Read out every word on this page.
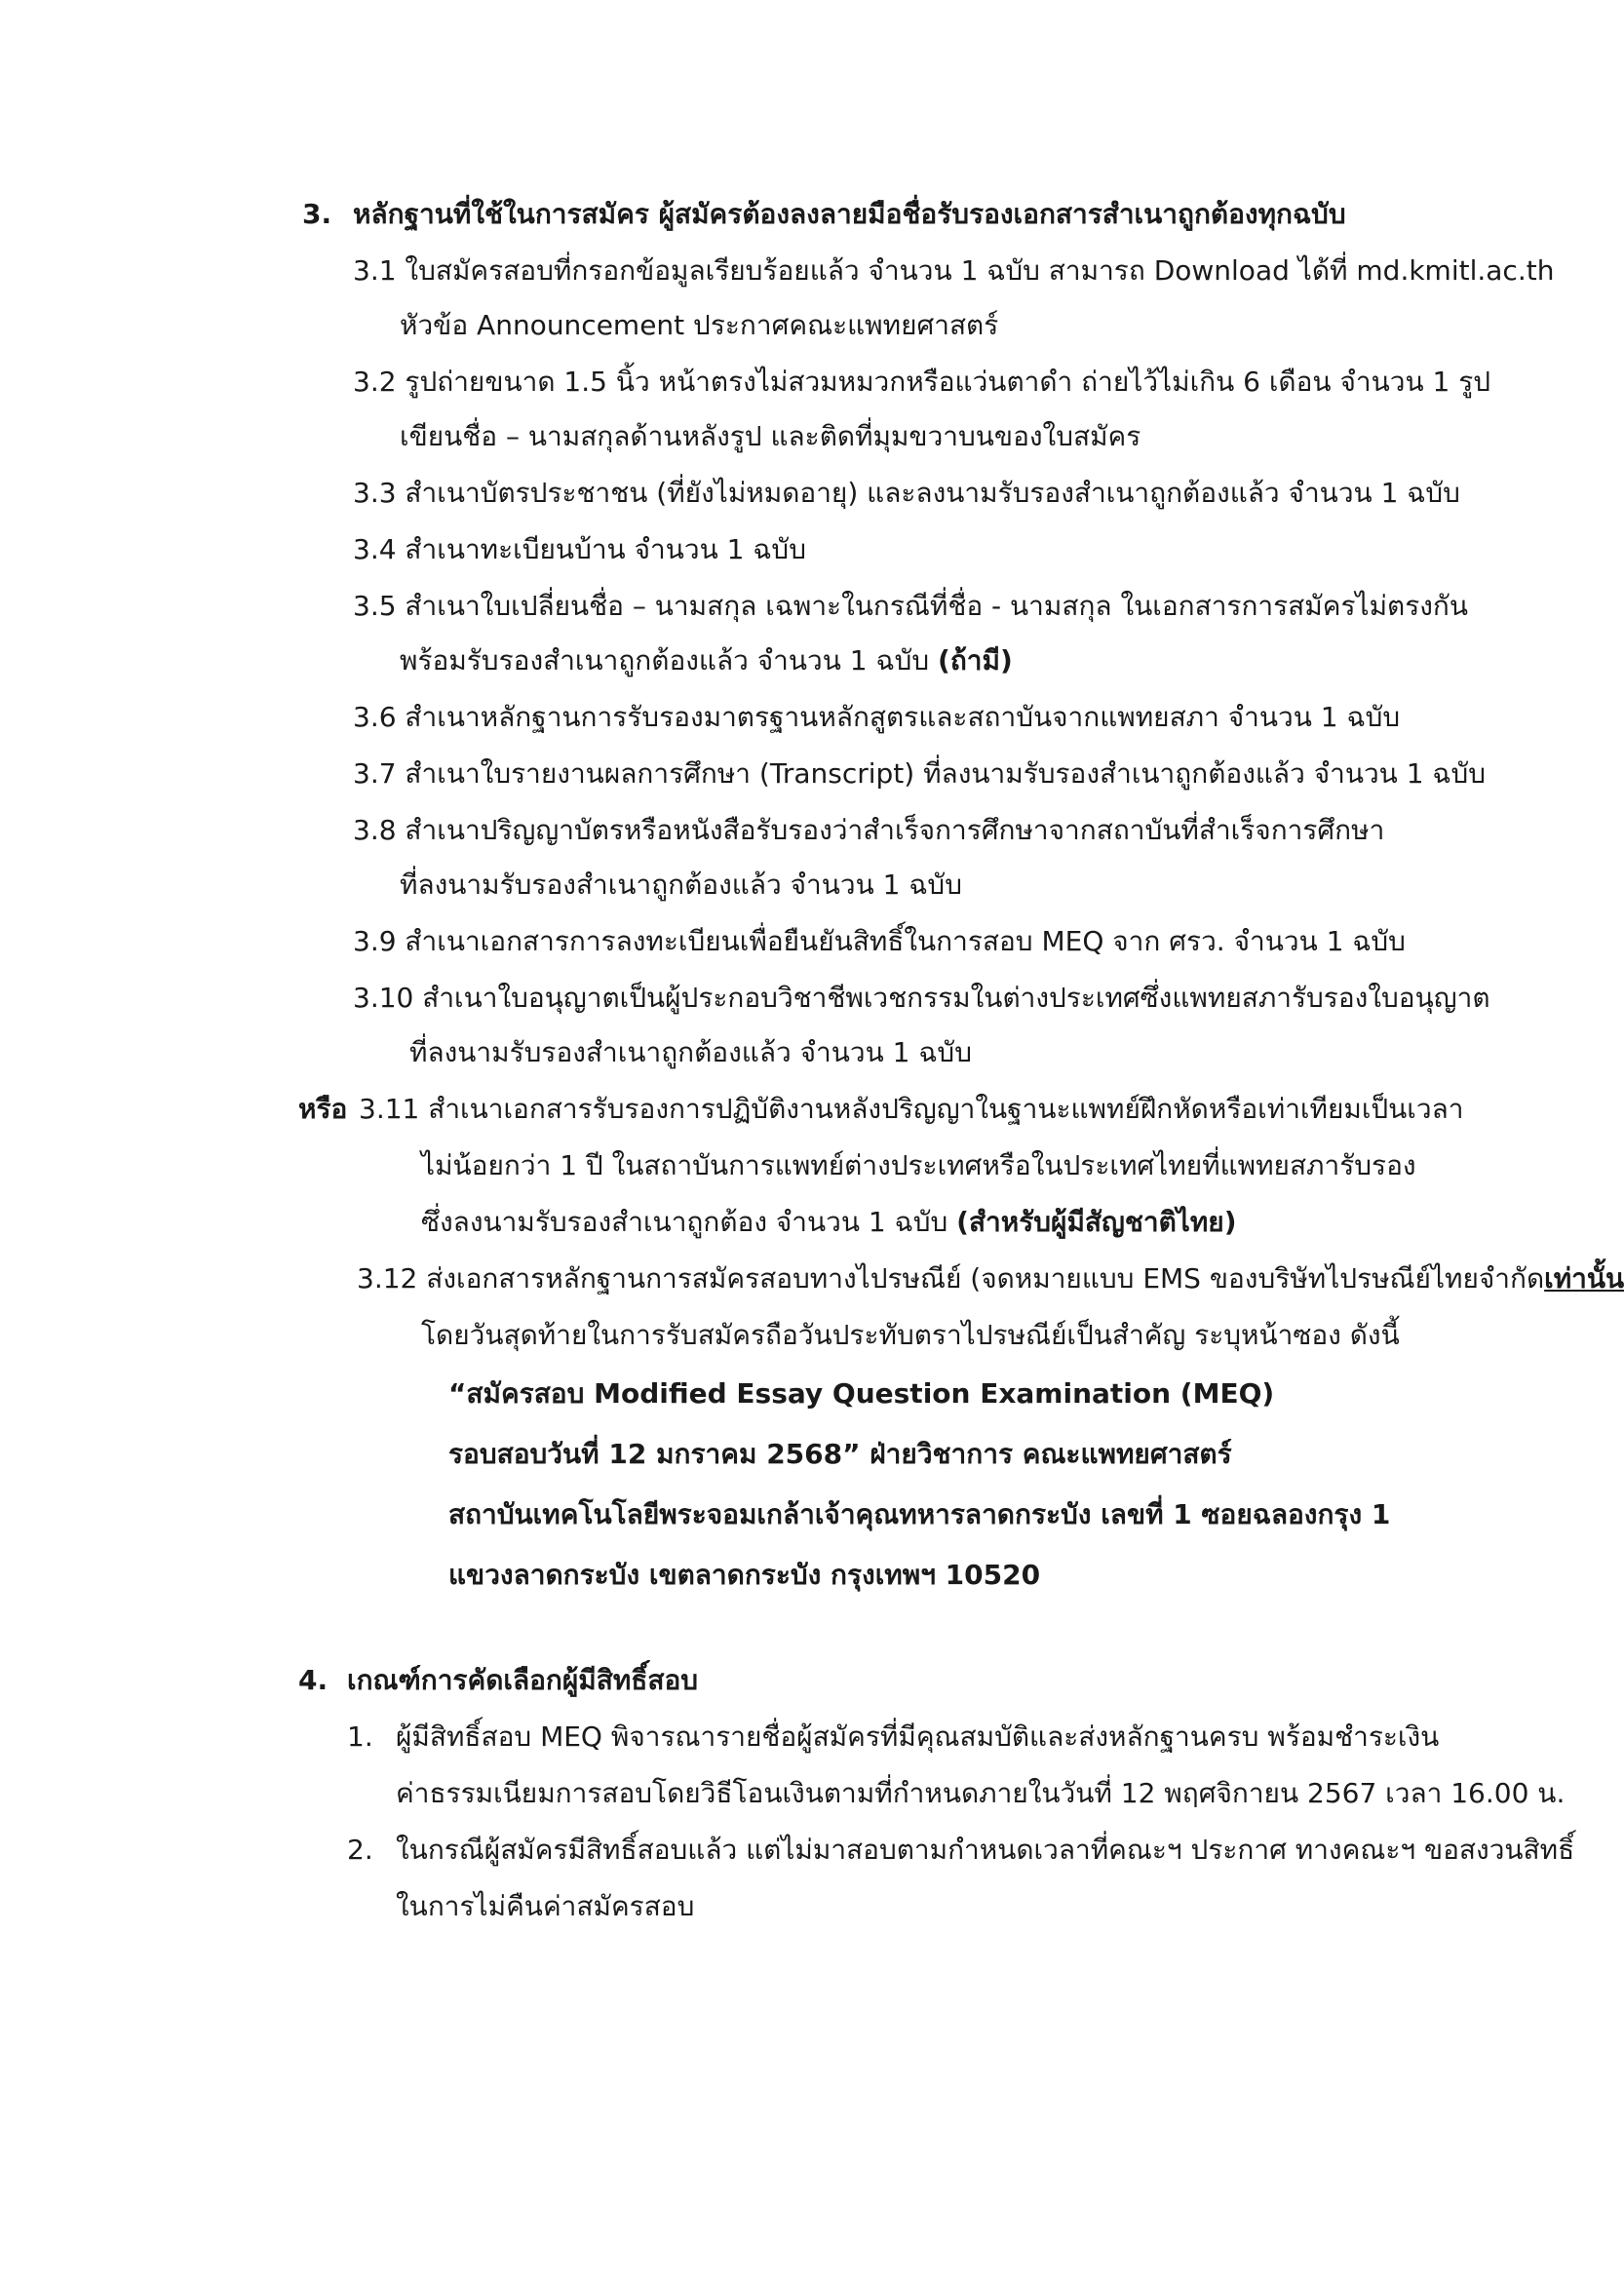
3. หลักฐานที่ใช้ในการสมัคร ผู้สมัครต้องลงลายมือชื่อรับรองเอกสารสำเนาถูกต้องทุกฉบับ
3.1 ใบสมัครสอบที่กรอกข้อมูลเรียบร้อยแล้ว จำนวน 1 ฉบับ สามารถ Download ได้ที่ md.kmitl.ac.th
หัวข้อ Announcement ประกาศคณะแพทยศาสตร์
3.2 รูปถ่ายขนาด 1.5 นิ้ว หน้าตรงไม่สวมหมวกหรือแว่นตาดำ ถ่ายไว้ไม่เกิน 6 เดือน จำนวน 1 รูป
เขียนชื่อ – นามสกุลด้านหลังรูป และติดที่มุมขวาบนของใบสมัคร
3.3 สำเนาบัตรประชาชน (ที่ยังไม่หมดอายุ) และลงนามรับรองสำเนาถูกต้องแล้ว จำนวน 1 ฉบับ
3.4 สำเนาทะเบียนบ้าน จำนวน 1 ฉบับ
3.5 สำเนาใบเปลี่ยนชื่อ – นามสกุล เฉพาะในกรณีที่ชื่อ - นามสกุล ในเอกสารการสมัครไม่ตรงกัน
พร้อมรับรองสำเนาถูกต้องแล้ว จำนวน 1 ฉบับ (ถ้ามี)
3.6 สำเนาหลักฐานการรับรองมาตรฐานหลักสูตรและสถาบันจากแพทยสภา จำนวน 1 ฉบับ
3.7 สำเนาใบรายงานผลการศึกษา (Transcript) ที่ลงนามรับรองสำเนาถูกต้องแล้ว จำนวน 1 ฉบับ
3.8 สำเนาปริญญาบัตรหรือหนังสือรับรองว่าสำเร็จการศึกษาจากสถาบันที่สำเร็จการศึกษา
ที่ลงนามรับรองสำเนาถูกต้องแล้ว จำนวน 1 ฉบับ
3.9 สำเนาเอกสารการลงทะเบียนเพื่อยืนยันสิทธิ์ในการสอบ MEQ จาก ศรว. จำนวน 1 ฉบับ
3.10 สำเนาใบอนุญาตเป็นผู้ประกอบวิชาชีพเวชกรรมในต่างประเทศซึ่งแพทยสภารับรองใบอนุญาต
ที่ลงนามรับรองสำเนาถูกต้องแล้ว จำนวน 1 ฉบับ
หรือ 3.11 สำเนาเอกสารรับรองการปฏิบัติงานหลังปริญญาในฐานะแพทย์ฝึกหัดหรือเท่าเทียมเป็นเวลา
ไม่น้อยกว่า 1 ปี ในสถาบันการแพทย์ต่างประเทศหรือในประเทศไทยที่แพทยสภารับรอง
ซึ่งลงนามรับรองสำเนาถูกต้อง จำนวน 1 ฉบับ (สำหรับผู้มีสัญชาติไทย)
3.12 ส่งเอกสารหลักฐานการสมัครสอบทางไปรษณีย์ (จดหมายแบบ EMS ของบริษัทไปรษณีย์ไทยจำกัดเท่านั้น
โดยวันสุดท้ายในการรับสมัครถือวันประทับตราไปรษณีย์เป็นสำคัญ ระบุหน้าซอง ดังนี้
“สมัครสอบ Modified Essay Question Examination (MEQ)
รอบสอบวันที่ 12 มกราคม 2568” ฝ่ายวิชาการ คณะแพทยศาสตร์
สถาบันเทคโนโลยีพระจอมเกล้าเจ้าคุณทหารลาดกระบัง เลขที่ 1 ซอยฉลองกรุง 1
แขวงลาดกระบัง เขตลาดกระบัง กรุงเทพฯ 10520
4. เกณฑ์การคัดเลือกผู้มีสิทธิ์สอบ
1. ผู้มีสิทธิ์สอบ MEQ พิจารณารายชื่อผู้สมัครที่มีคุณสมบัติและส่งหลักฐานครบ พร้อมชำระเงิน
ค่าธรรมเนียมการสอบโดยวิธีโอนเงินตามที่กำหนดภายในวันที่ 12 พฤศจิกายน 2567 เวลา 16.00 น.
2. ในกรณีผู้สมัครมีสิทธิ์สอบแล้ว แต่ไม่มาสอบตามกำหนดเวลาที่คณะฯ ประกาศ ทางคณะฯ ขอสงวนสิทธิ์
ในการไม่คืนค่าสมัครสอบ
